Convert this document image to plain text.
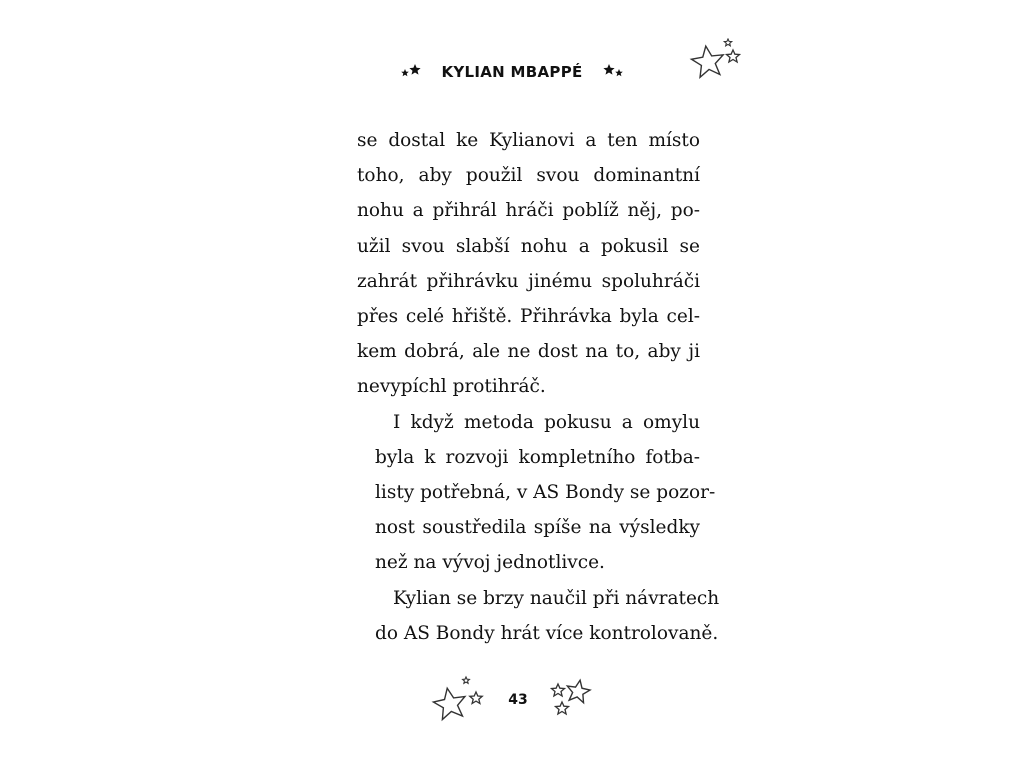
KYLIAN MBAPPÉ

se dostal ke Kylianovi a ten místo
toho, aby použil svou dominantní
nohu a přihrál hráči poblíž něj, po-
užil svou slabší nohu a pokusil se
zahrát přihrávku jinému spoluhráči
přes celé hřiště. Přihrávka byla cel-
kem dobrá, ale ne dost na to, aby ji
nevypíchl protihráč.

I když metoda pokusu a omylu
byla k rozvoji kompletního fotba-
listy potřebná, v AS Bondy se pozor-
nost soustředila spíše na výsledky
než na vývoj jednotlivce.

Kylian se brzy naučil při návratech
do AS Bondy hrát více kontrolovaně.

43
